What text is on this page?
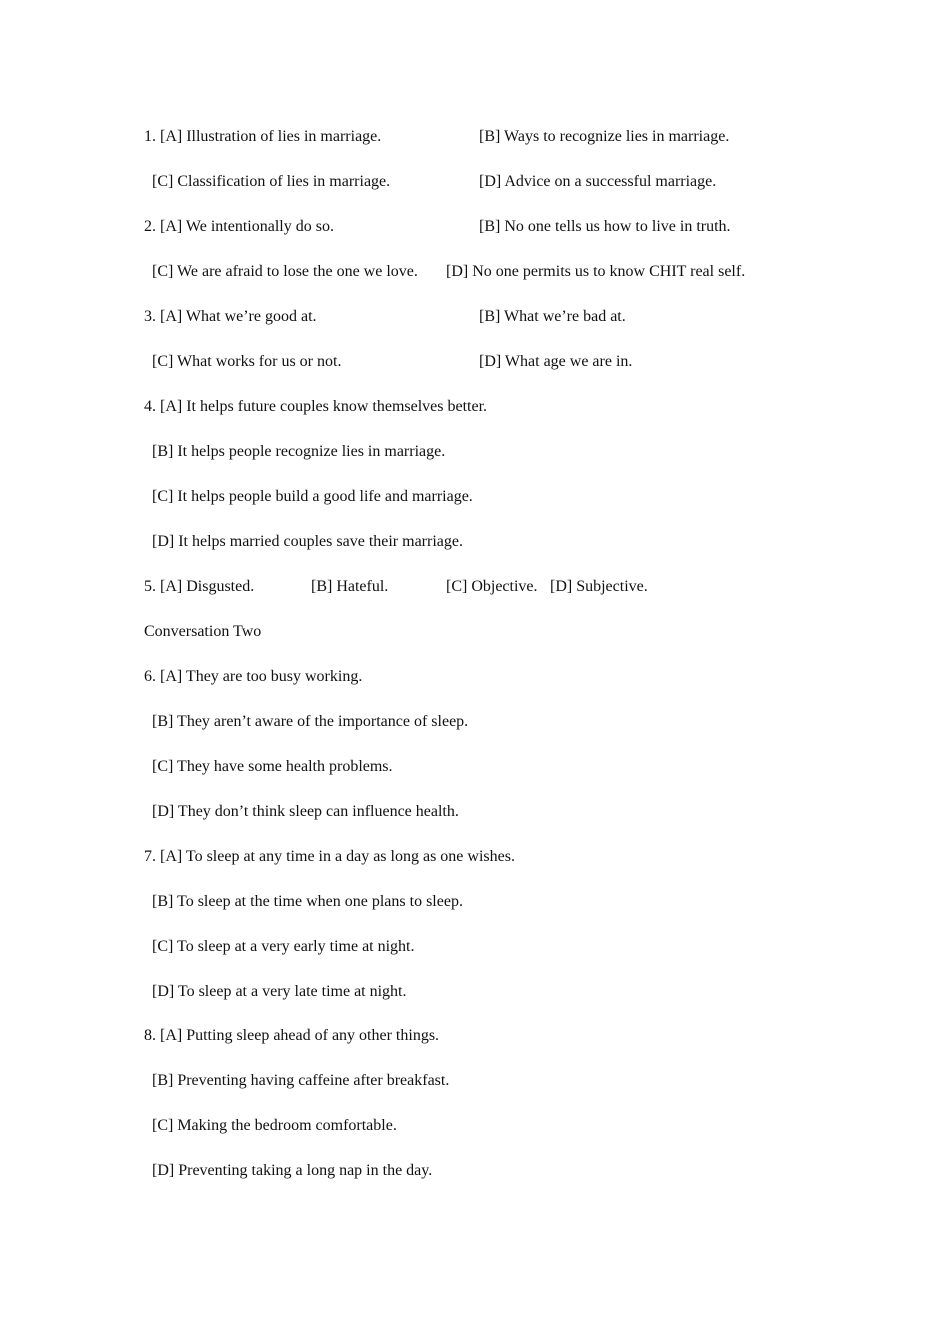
1. [A] Illustration of lies in marriage.	[B] Ways to recognize lies in marriage.
[C] Classification of lies in marriage.	[D] Advice on a successful marriage.
2. [A] We intentionally do so.	[B] No one tells us how to live in truth.
[C] We are afraid to lose the one we love. [D] No one permits us to know CHIT real self.
3. [A] What we’re good at.	[B] What we’re bad at.
[C] What works for us or not.	[D] What age we are in.
4. [A] It helps future couples know themselves better.
[B] It helps people recognize lies in marriage.
[C] It helps people build a good life and marriage.
[D] It helps married couples save their marriage.
5. [A] Disgusted.	[B] Hateful.	[C] Objective. [D] Subjective.
Conversation Two
6. [A] They are too busy working.
[B] They aren’t aware of the importance of sleep.
[C] They have some health problems.
[D] They don’t think sleep can influence health.
7. [A] To sleep at any time in a day as long as one wishes.
[B] To sleep at the time when one plans to sleep.
[C] To sleep at a very early time at night.
[D] To sleep at a very late time at night.
8. [A] Putting sleep ahead of any other things.
[B] Preventing having caffeine after breakfast.
[C] Making the bedroom comfortable.
[D] Preventing taking a long nap in the day.
